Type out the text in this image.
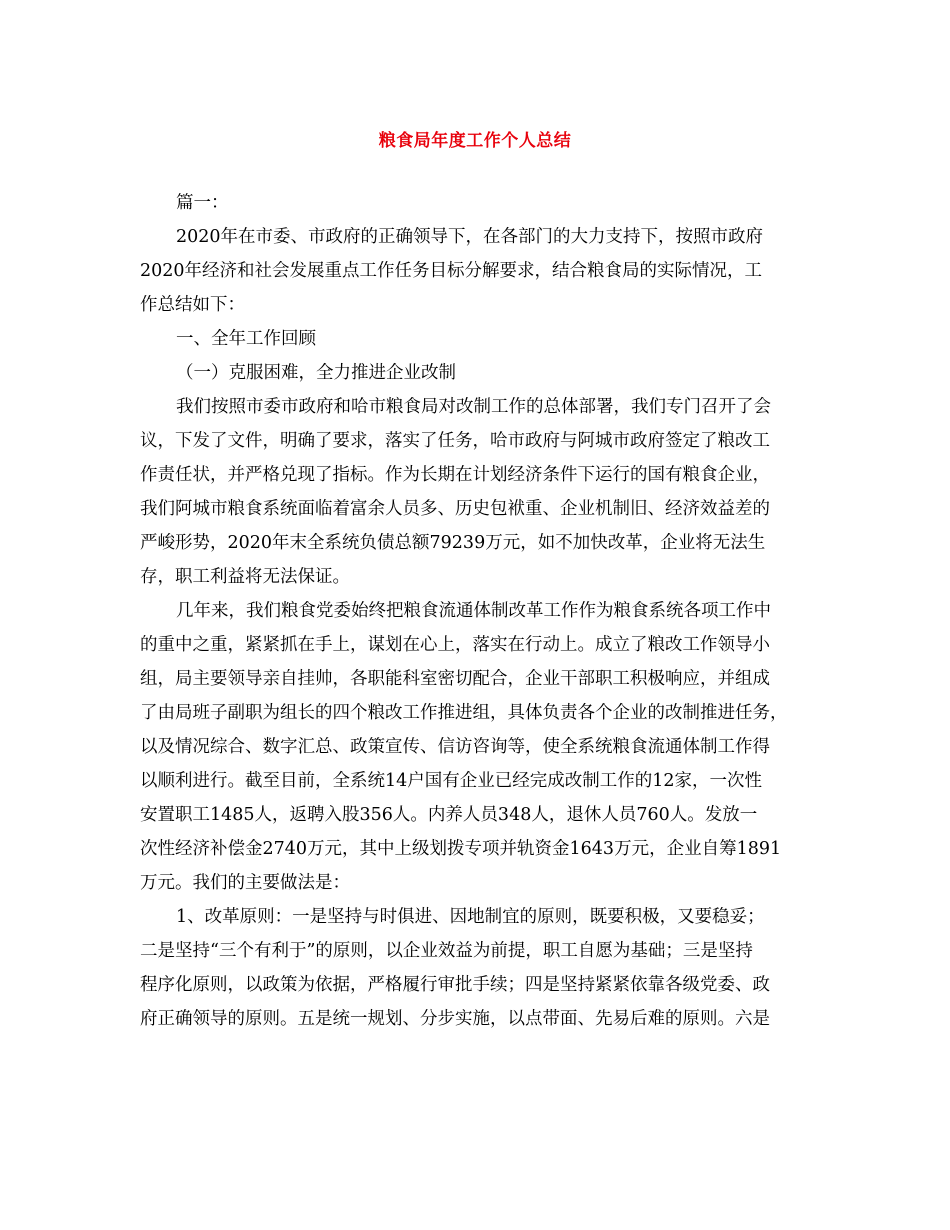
粮食局年度工作个人总结
篇一：
2020年在市委、市政府的正确领导下，在各部门的大力支持下，按照市政府
2020年经济和社会发展重点工作任务目标分解要求，结合粮食局的实际情况，工
作总结如下：
一、全年工作回顾
（一）克服困难，全力推进企业改制
我们按照市委市政府和哈市粮食局对改制工作的总体部署，我们专门召开了会
议，下发了文件，明确了要求，落实了任务，哈市政府与阿城市政府签定了粮改工
作责任状，并严格兑现了指标。作为长期在计划经济条件下运行的国有粮食企业，
我们阿城市粮食系统面临着富余人员多、历史包袱重、企业机制旧、经济效益差的
严峻形势，2020年末全系统负债总额79239万元，如不加快改革，企业将无法生
存，职工利益将无法保证。
几年来，我们粮食党委始终把粮食流通体制改革工作作为粮食系统各项工作中
的重中之重，紧紧抓在手上，谋划在心上，落实在行动上。成立了粮改工作领导小
组，局主要领导亲自挂帅，各职能科室密切配合，企业干部职工积极响应，并组成
了由局班子副职为组长的四个粮改工作推进组，具体负责各个企业的改制推进任务，
以及情况综合、数字汇总、政策宣传、信访咨询等，使全系统粮食流通体制工作得
以顺利进行。截至目前，全系统14户国有企业已经完成改制工作的12家，一次性
安置职工1485人，返聘入股356人。内养人员348人，退休人员760人。发放一
次性经济补偿金2740万元，其中上级划拨专项并轨资金1643万元，企业自筹1891
万元。我们的主要做法是：
1、改革原则：一是坚持与时俱进、因地制宜的原则，既要积极，又要稳妥；
二是坚持“三个有利于”的原则，以企业效益为前提，职工自愿为基础；三是坚持
程序化原则，以政策为依据，严格履行审批手续；四是坚持紧紧依靠各级党委、政
府正确领导的原则。五是统一规划、分步实施，以点带面、先易后难的原则。六是
